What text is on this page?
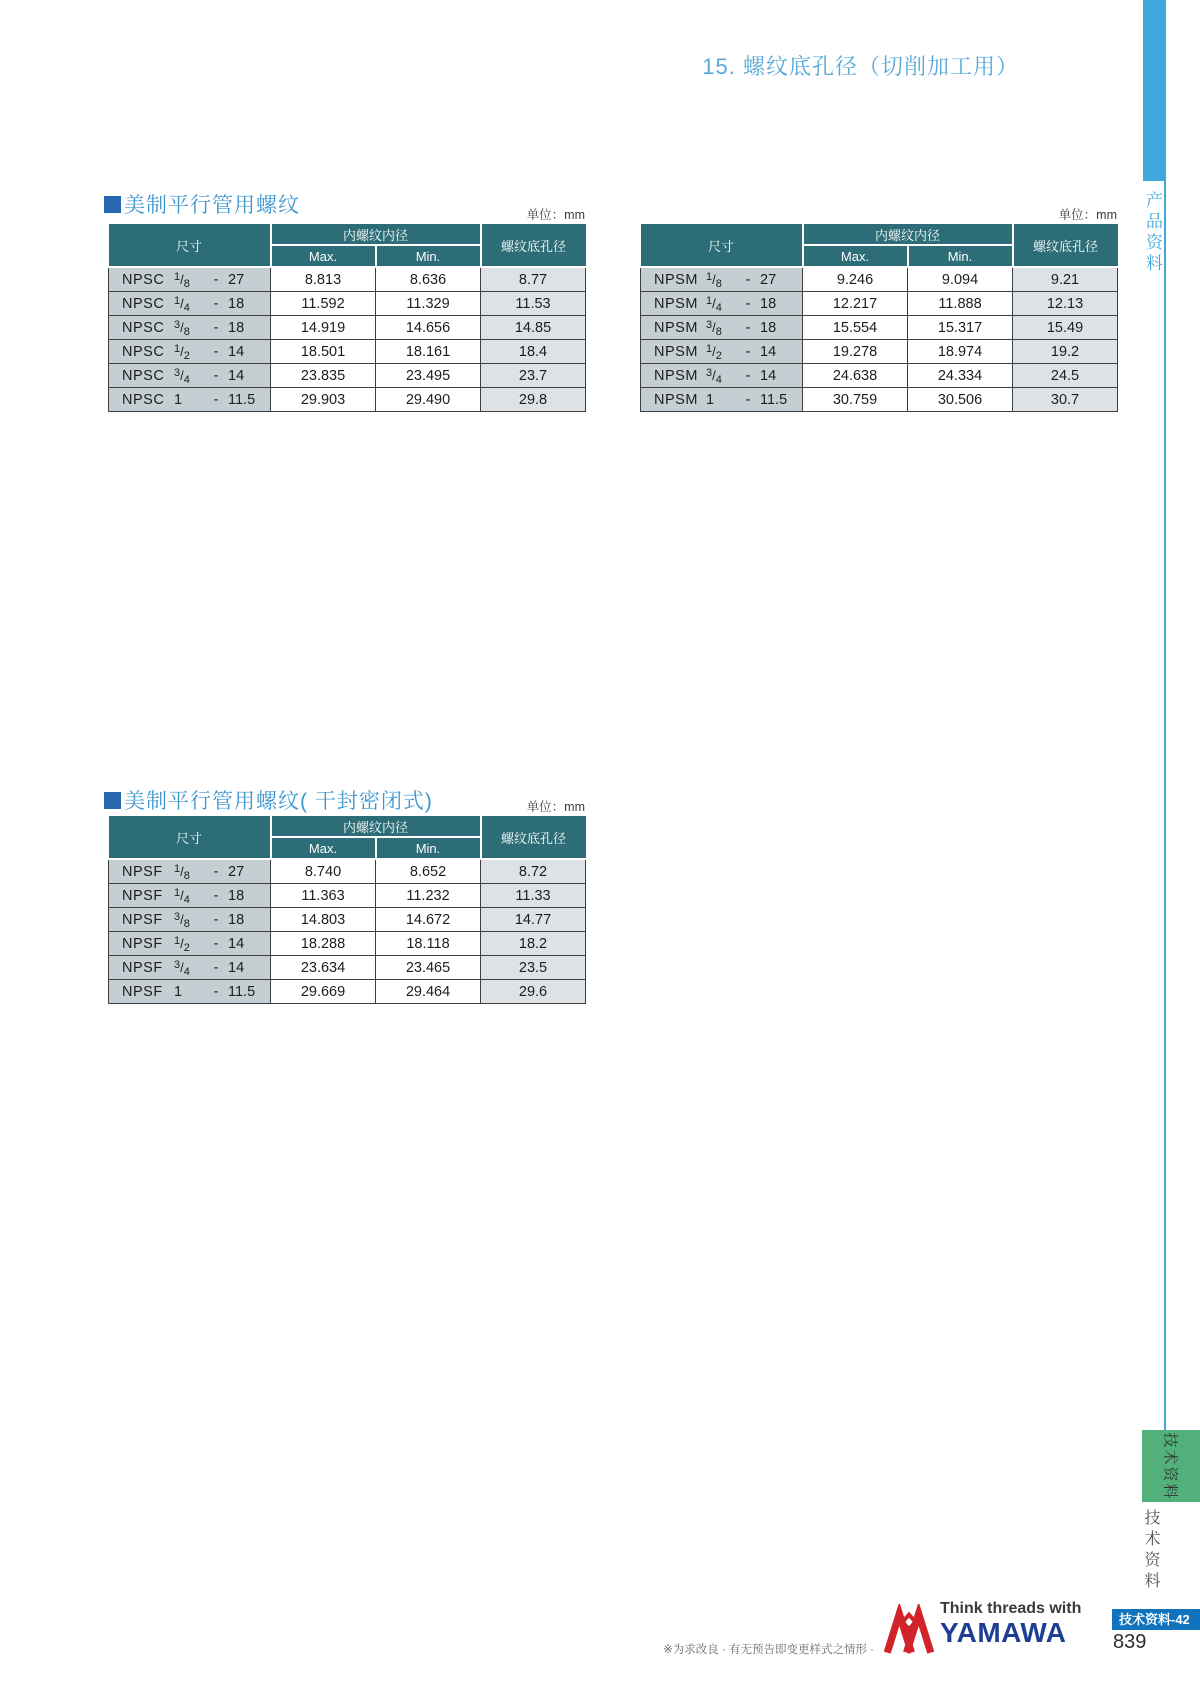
15. 螺纹底孔径（切削加工用）
产品资料
技术资料
技术资料
美制平行管用螺纹	单位：mm
尺寸	内螺纹内径		螺纹底孔径
	Max.	Min.	

NPSC $^1/_8 - 27$	8.813	8.636	8.77

NPSC $^1/_4 - 18$	11.592	11.329	11.53

NPSC $^3/_8 - 18$	14.919	14.656	14.85

NPSC $^1/_2 - 14$	18.501	18.161	18.4

NPSC $^3/_4 - 14$	23.835	23.495	23.7

NPSC 1 - 11.5	29.903	29.490	29.8
单位：mm
尺寸	内螺纹内径		螺纹底孔径
	Max.	Min.	

NPSM $^1/_8 - 27$	9.246	9.094	9.21

NPSM $^1/_4 - 18$	12.217	11.888	12.13

NPSM $^3/_8 - 18$	15.554	15.317	15.49

NPSM $^1/_2 - 14$	19.278	18.974	19.2

NPSM $^3/_4 - 14$	24.638	24.334	24.5

NPSM 1 - 11.5	30.759	30.506	30.7
美制平行管用螺纹( 干封密闭式)	单位：mm
尺寸	内螺纹内径		螺纹底孔径
	Max.	Min.	

NPSF $^1/_8 - 27$	8.740	8.652	8.72

NPSF $^1/_4 - 18$	11.363	11.232	11.33

NPSF $^3/_8 - 18$	14.803	14.672	14.77

NPSF $^1/_2 - 14$	18.288	18.118	18.2

NPSF $^3/_4 - 14$	23.634	23.465	23.5

NPSF 1 - 11.5	29.669	29.464	29.6
※为求改良 · 有无预告即变更样式之情形 ·
Think threads with
YAMAWA	技术资料-42
839
